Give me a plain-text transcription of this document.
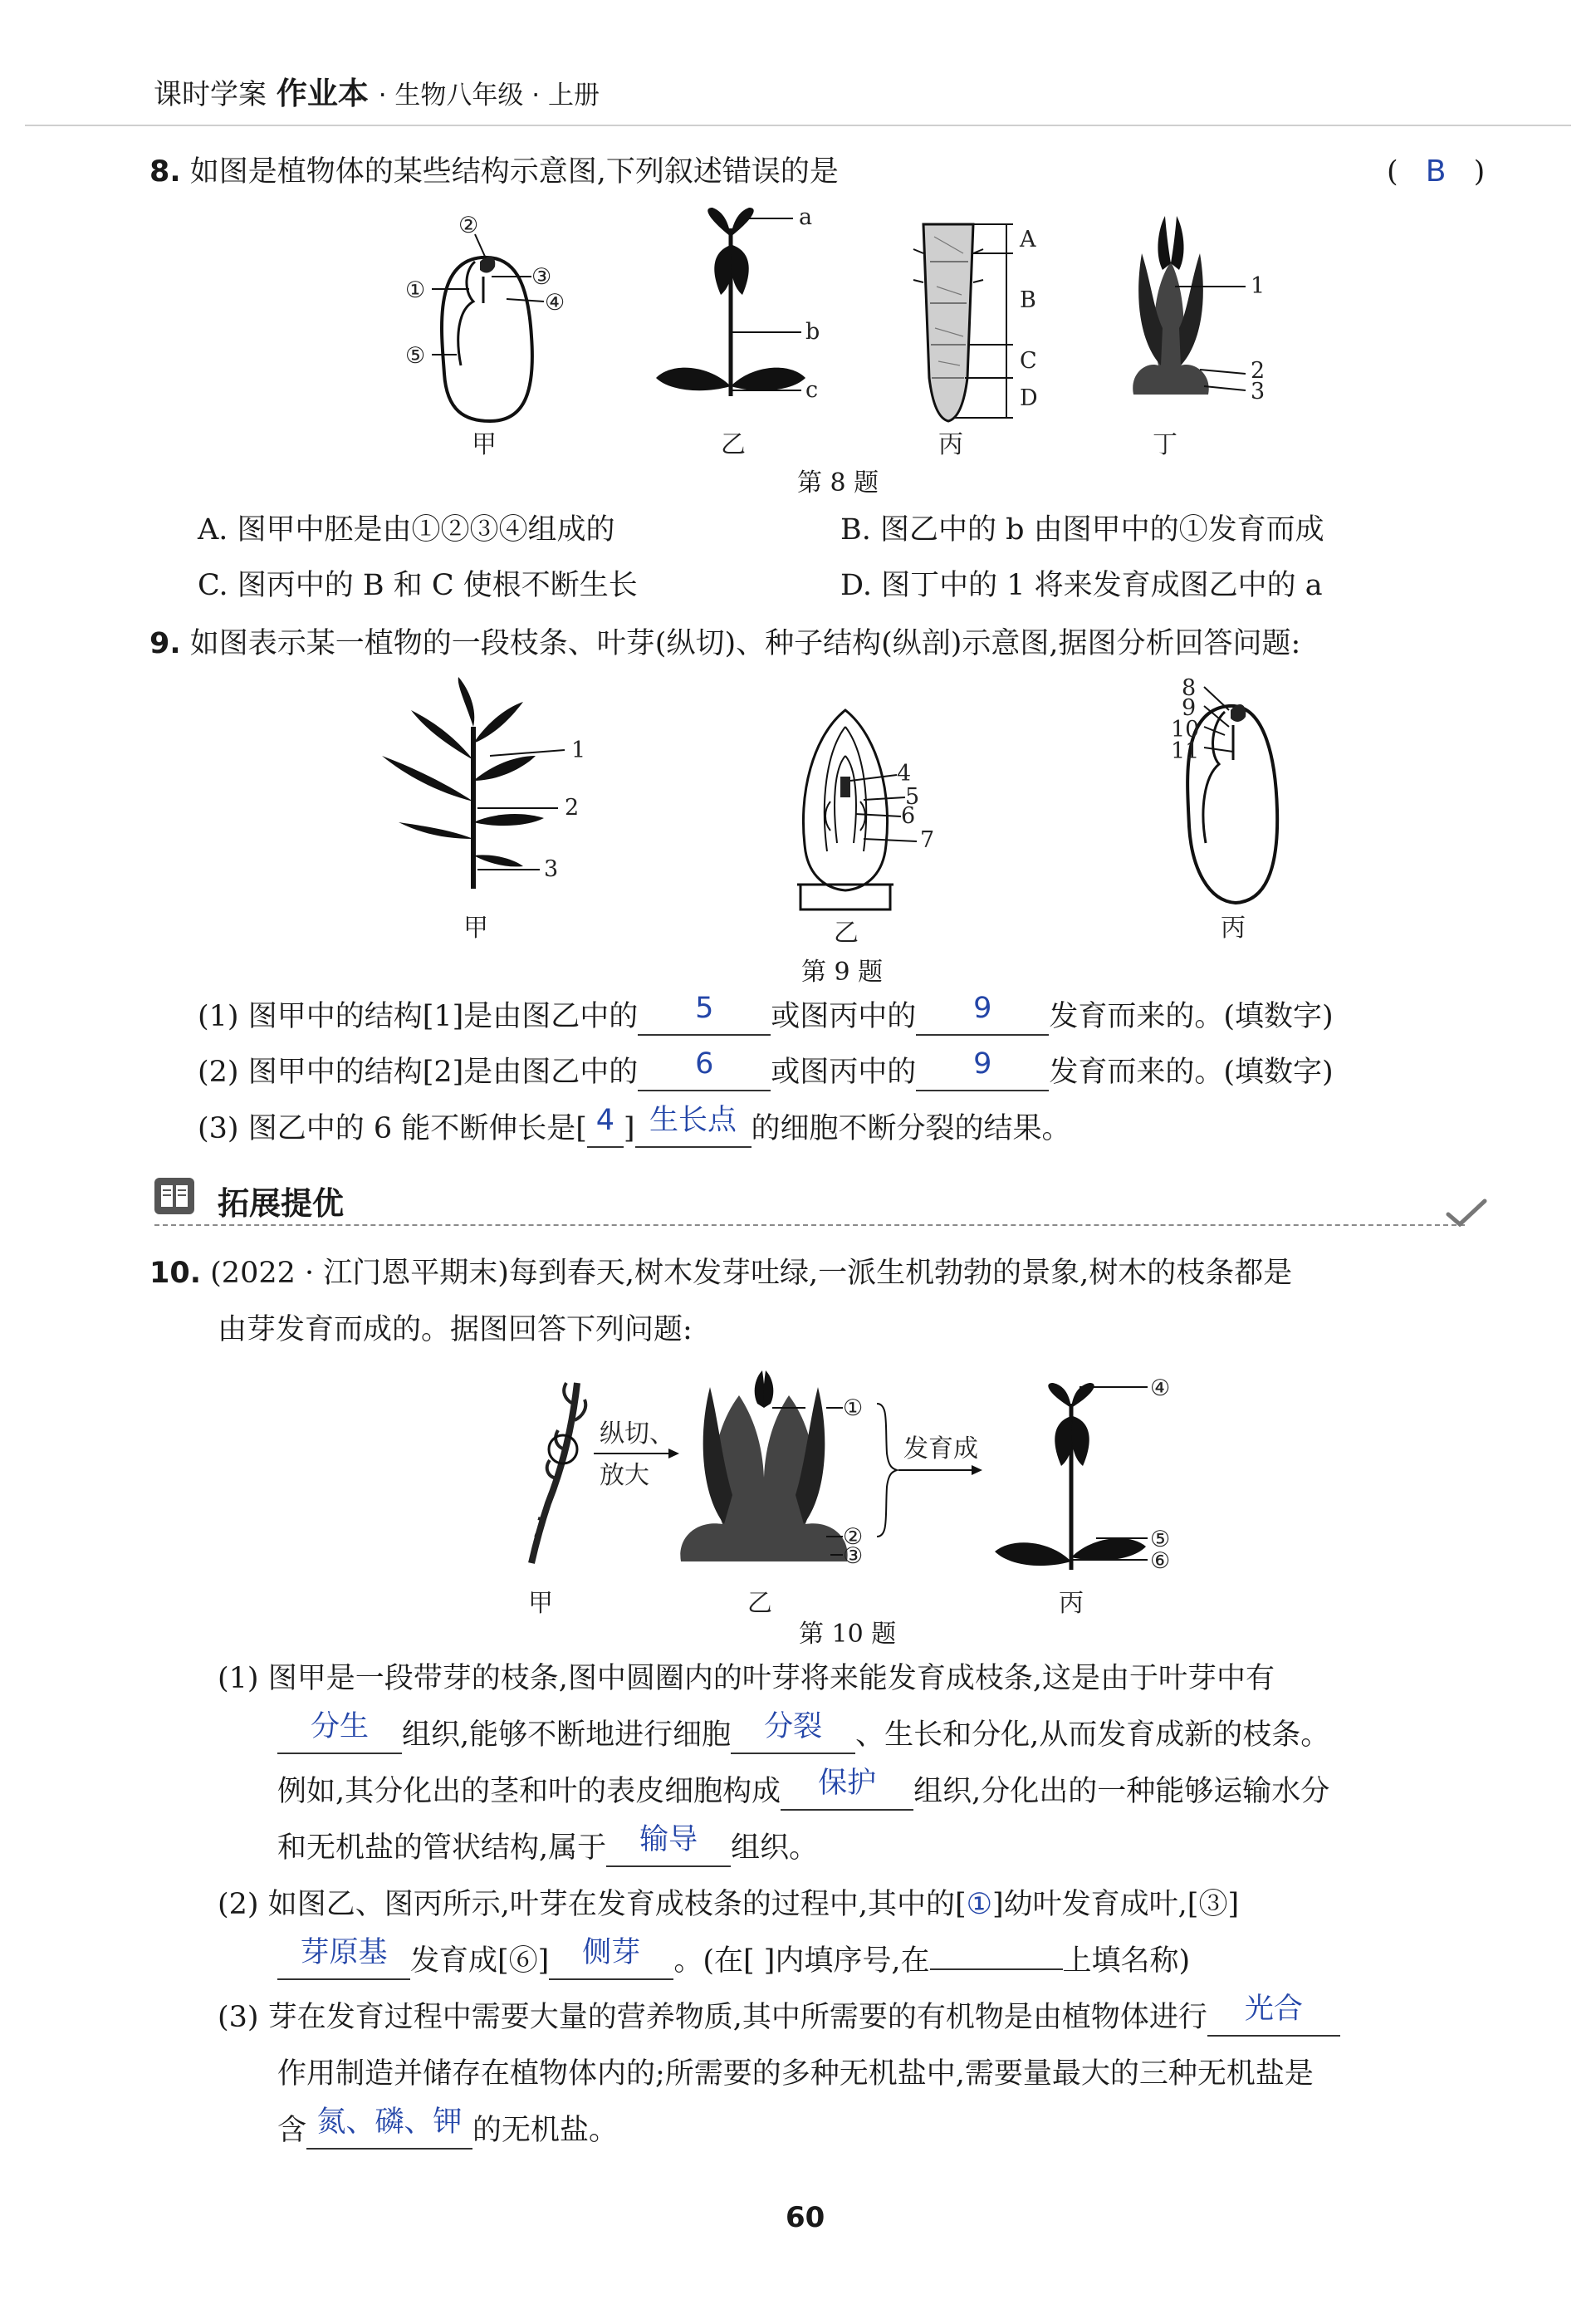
课时学案 作业本 · 生物八年级 · 上册
8. 如图是植物体的某些结构示意图,下列叙述错误的是	( B )
①
②
③
④
⑤
甲
a
b
c
乙
A
B
C
D
丙
1
2
3
丁
第 8 题
A. 图甲中胚是由①②③④组成的	B. 图乙中的 b 由图甲中的①发育而成
C. 图丙中的 B 和 C 使根不断生长	D. 图丁中的 1 将来发育成图乙中的 a
9. 如图表示某一植物的一段枝条、叶芽(纵切)、种子结构(纵剖)示意图,据图分析回答问题:
1
2
3
甲
4
5
6
7
乙
8
9
10
11
丙
第 9 题
(1) 图甲中的结构[1]是由图乙中的 5 或图丙中的 9 发育而来的。(填数字)
(2) 图甲中的结构[2]是由图乙中的 6 或图丙中的 9 发育而来的。(填数字)
(3) 图乙中的 6 能不断伸长是[ 4 ] 生长点 的细胞不断分裂的结果。
拓展提优
10. (2022 · 江门恩平期末)每到春天,树木发芽吐绿,一派生机勃勃的景象,树木的枝条都是
由芽发育而成的。据图回答下列问题:
甲
纵切、
放大
①
②
③
乙
发育成
④
⑤
⑥
丙
第 10 题
(1) 图甲是一段带芽的枝条,图中圆圈内的叶芽将来能发育成枝条,这是由于叶芽中有
分生 组织,能够不断地进行细胞 分裂 、生长和分化,从而发育成新的枝条。
例如,其分化出的茎和叶的表皮细胞构成 保护 组织,分化出的一种能够运输水分
和无机盐的管状结构,属于 输导 组织。
(2) 如图乙、图丙所示,叶芽在发育成枝条的过程中,其中的[①]幼叶发育成叶,[③]
芽原基 发育成[⑥] 侧芽 。(在[ ]内填序号,在	上填名称)
(3) 芽在发育过程中需要大量的营养物质,其中所需要的有机物是由植物体进行 光合
作用制造并储存在植物体内的;所需要的多种无机盐中,需要量最大的三种无机盐是
含 氮、磷、钾 的无机盐。
60
